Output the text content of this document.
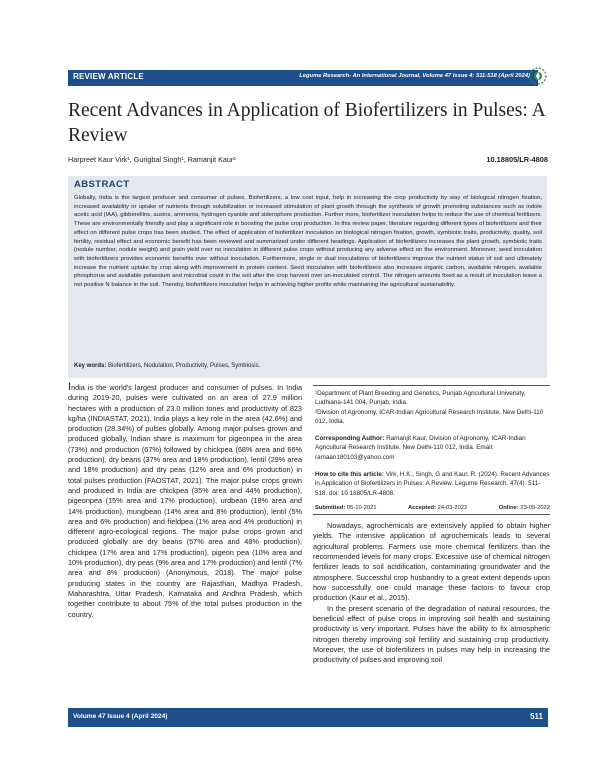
REVIEW ARTICLE	Legume Research- An International Journal, Volume 47 Issue 4: 511-518 (April 2024)
Recent Advances in Application of Biofertilizers in Pulses: A Review
Harpreet Kaur Virk¹, Gurigbal Singh¹, Ramanjit Kaur²	10.18805/LR-4808
ABSTRACT
Globally, India is the largest producer and consumer of pulses. Biofertilizers, a low cost input, help in increasing the crop productivity by way of biological nitrogen fixation, increased availability or uptake of nutrients through solubilization or increased stimulation of plant growth through the synthesis of growth promoting substances such as indole acetic acid (IAA), gibberellins, auxins, ammonia, hydrogen cyanide and siderophore production. Further more, biofertilizer inoculation helps to reduce the use of chemical fertilizers. These are environmentally friendly and play a significant role in boosting the pulse crop production. In this review paper, literature regarding different types of biofertilizers and their effect on different pulse crops has been studied. The effect of application of biofertilizer inoculation on biological nitrogen fixation, growth, symbiotic traits, productivity, quality, soil fertility, residual effect and economic benefit has been reviewed and summarized under different headings. Application of biofertilizers increases the plant growth, symbiotic traits (nodule number, nodule weight) and grain yield over no inoculation in different pulse crops without producing any adverse effect on the environment. Moreover, seed inoculation with biofertilizers provides economic benefits over without inoculation. Furthermore, single or dual inoculations of biofertilizers improve the nutrient status of soil and ultimately increase the nutrient uptake by crop along with improvement in protein content. Seed inoculation with biofertilizers also increases organic carbon, available nitrogen, available phosphorus and available potassium and microbial count in the soil after the crop harvest over un-inoculated control. The nitrogen amounts fixed as a result of inoculation leave a net positive N balance in the soil. Thereby, biofertilizers inoculation helps in achieving higher profits while maintaining the agricultural sustainability.
Key words: Biofertilizers, Nodulation, Productivity, Pulses, Symbiosis.
India is the world's largest producer and consumer of pulses. In India during 2019-20, pulses were cultivated on an area of 27.9 million hectares with a production of 23.0 million tones and productivity of 823 kg/ha (INDIASTAT, 2021). India plays a key role in the area (42.6%) and production (28.34%) of pulses globally. Among major pulses grown and produced globally, Indian share is maximum for pigeonpea in the area (73%) and production (67%) followed by chickpea (68% area and 66% production), dry beans (37% area and 18% production), lentil (29% area and 18% production) and dry peas (12% area and 6% production) in total pulses production (FAOSTAT, 2021). The major pulse crops grown and produced in India are chickpea (35% area and 44% production), pigeonpea (15% area and 17% production), urdbean (18% area and 14% production), mungbean (14% area and 8% production), lentil (5% area and 6% production) and fieldpea (1% area and 4% production) in different agro-ecological regions. The major pulse crops grown and produced globally are dry beans (57% area and 48% production), chickpea (17% area and 17% production), pigeon pea (10% area and 10% production), dry peas (9% area and 17% production) and lentil (7% area and 8% production) (Anonymous, 2018). The major pulse producing states in the country are Rajasthan, Madhya Pradesh, Maharashtra, Uttar Pradesh, Karnataka and Andhra Pradesh, which together contribute to about 75% of the total pulses production in the country.
¹Department of Plant Breeding and Genetics, Punjab Agricultural University, Ludhiana-141 004, Punjab, India.
²Division of Agronomy, ICAR-Indian Agricultural Research Institute, New Delhi-110 012, India.
Corresponding Author: Ramanjit Kaur, Division of Agronomy, ICAR-Indian Agricultural Research Institute, New Delhi-110 012, India. Email: ramaan180103@yahoo.com
How to cite this article: Virk, H.K., Singh, G and Kaur, R. (2024). Recent Advances in Application of Biofertilizers in Pulses: A Review. Legume Research. 47(4): 511-518. doi: 10.18805/LR-4808.
Submitted: 05-10-2021	Accepted: 24-03-2022	Online: 23-05-2022

Nowadays, agrochemicals are extensively applied to obtain higher yields. The intensive application of agrochemicals leads to several agricultural problems. Farmers use more chemical fertilizers than the recommended levels for many crops. Excessive use of chemical nitrogen fertilizer leads to soil acidification, contaminating groundwater and the atmosphere. Successful crop husbandry to a great extent depends upon how successfully one could manage these factors to favour crop production (Kaur et al., 2015).

In the present scenario of the degradation of natural resources, the beneficial effect of pulse crops in improving soil health and sustaining productivity is very important. Pulses have the ability to fix atmospheric nitrogen thereby improving soil fertility and sustaining crop productivity. Moreover, the use of biofertilizers in pulses may help in increasing the productivity of pulses and improving soil

Volume 47 Issue 4 (April 2024)	511
